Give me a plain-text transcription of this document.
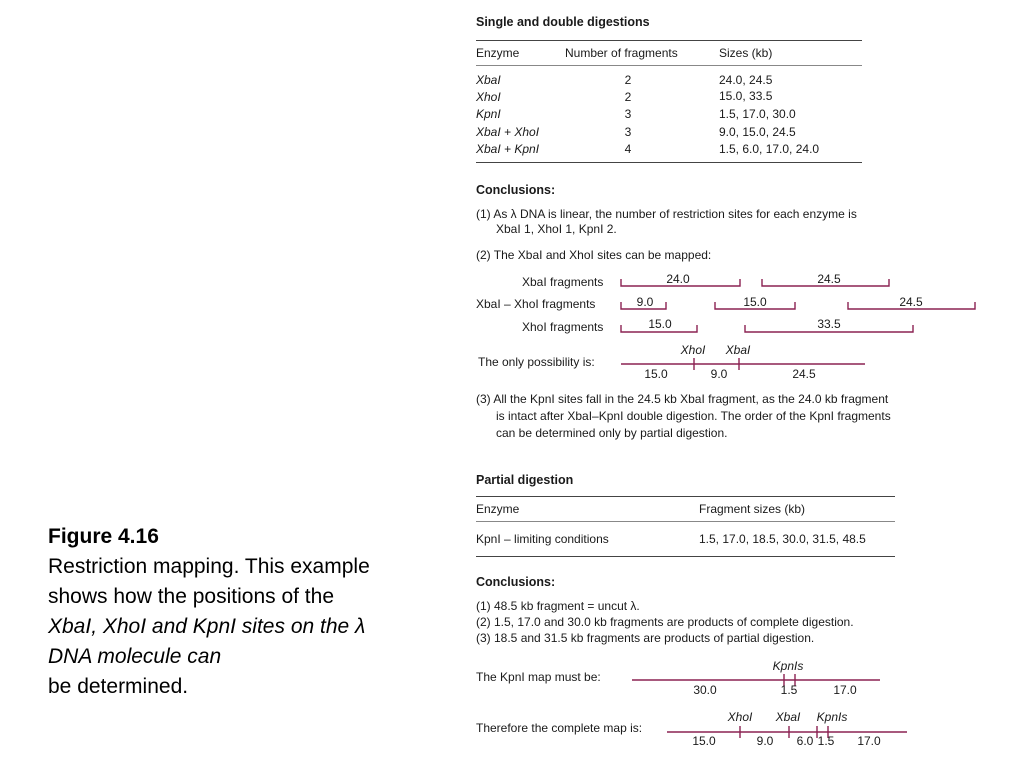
Figure 4.16
Restriction mapping. This example
shows how the positions of the
XbaI, XhoI and KpnI sites on the λ
DNA molecule can
be determined.
Single and double digestions
Enzyme	Number of fragments	Sizes (kb)
XbaI	2	24.0, 24.5
XhoI	2	15.0, 33.5
KpnI	3	1.5, 17.0, 30.0
XbaI + XhoI	3	9.0, 15.0, 24.5
XbaI + KpnI	4	1.5, 6.0, 17.0, 24.0
Conclusions:
(1) As λ DNA is linear, the number of restriction sites for each enzyme is
XbaI 1, XhoI 1, KpnI 2.
(2) The XbaI and XhoI sites can be mapped:
XbaI fragments
XbaI – XhoI fragments
XhoI fragments
The only possibility is:
(3) All the KpnI sites fall in the 24.5 kb XbaI fragment, as the 24.0 kb fragment
is intact after XbaI–KpnI double digestion. The order of the KpnI fragments
can be determined only by partial digestion.
Partial digestion
Enzyme	Fragment sizes (kb)
KpnI – limiting conditions	1.5, 17.0, 18.5, 30.0, 31.5, 48.5
Conclusions:
(1) 48.5 kb fragment = uncut λ.
(2) 1.5, 17.0 and 30.0 kb fragments are products of complete digestion.
(3) 18.5 and 31.5 kb fragments are products of partial digestion.
The KpnI map must be:
Therefore the complete map is:
24.0	24.5
9.0	15.0	24.5
15.0	33.5
XhoI XbaI
15.0	9.0	24.5
KpnIs
30.0	1.5	17.0
XhoI XbaI KpnIs
15.0	9.0 6.0 1.5 17.0
